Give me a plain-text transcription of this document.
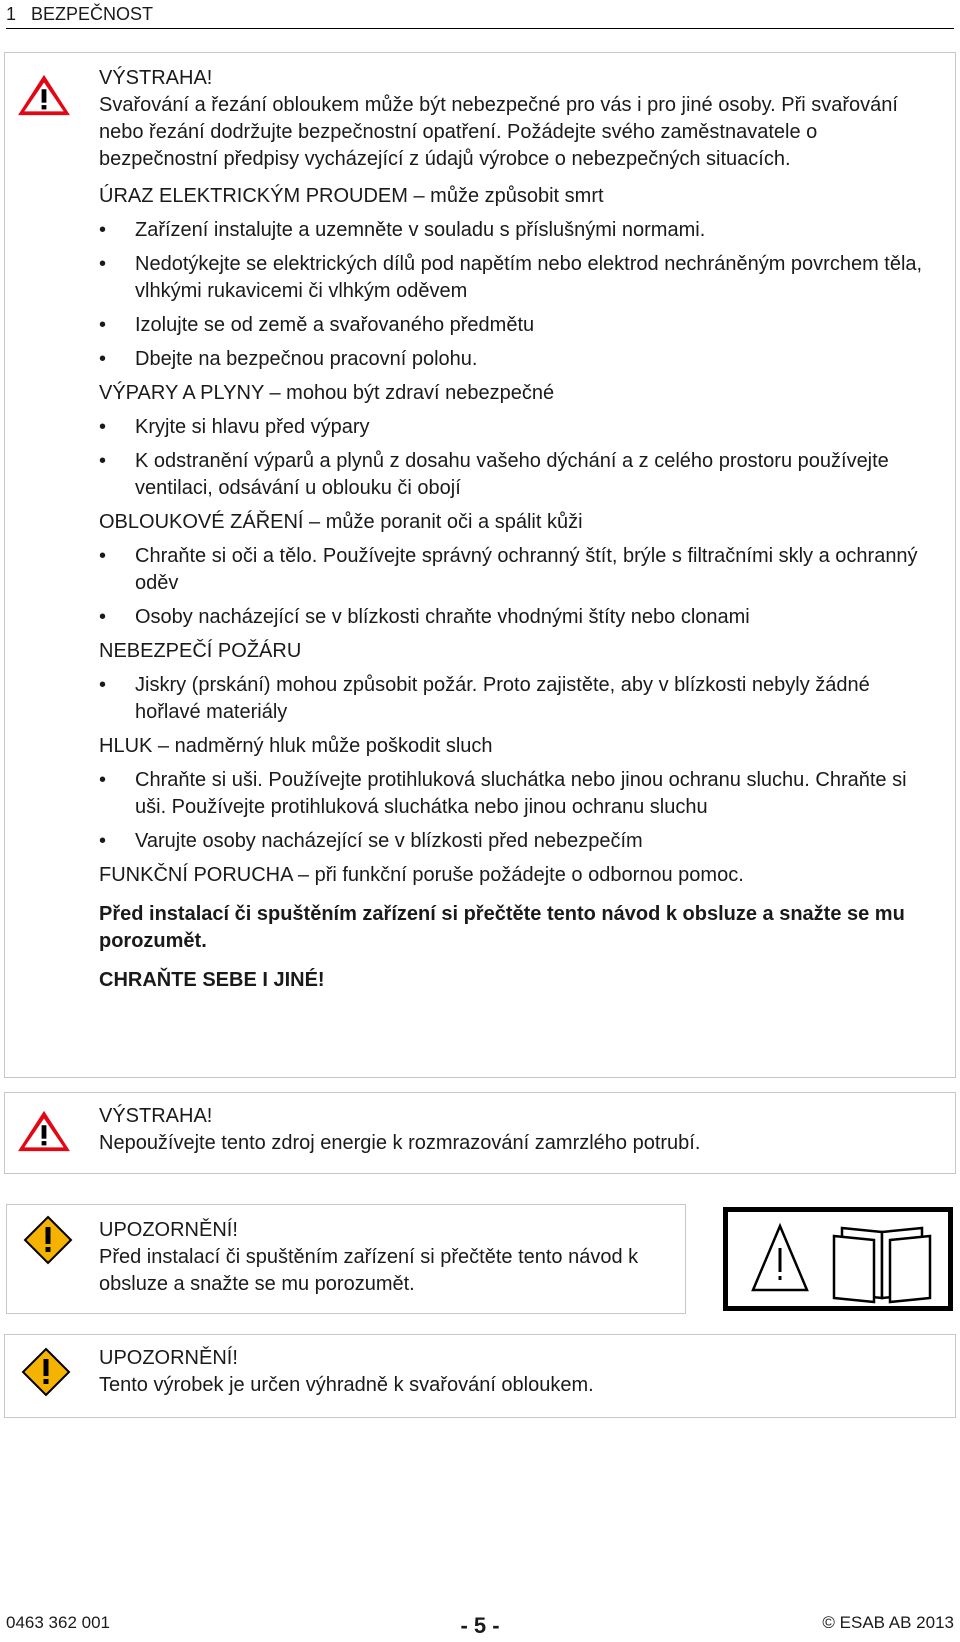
1   BEZPEČNOST

VÝSTRAHA!

Svařování a řezání obloukem může být nebezpečné pro vás i pro jiné osoby. Při svařování nebo řezání dodržujte bezpečnostní opatření. Požádejte svého zaměstnavatele o bezpečnostní předpisy vycházející z údajů výrobce o nebezpečných situacích.

ÚRAZ ELEKTRICKÝM PROUDEM – může způsobit smrt

• Zařízení instalujte a uzemněte v souladu s příslušnými normami.
• Nedotýkejte se elektrických dílů pod napětím nebo elektrod nechráněným povrchem těla, vlhkými rukavicemi či vlhkým oděvem
• Izolujte se od země a svařovaného předmětu
• Dbejte na bezpečnou pracovní polohu.

VÝPARY A PLYNY – mohou být zdraví nebezpečné

• Kryjte si hlavu před výpary
• K odstranění výparů a plynů z dosahu vašeho dýchání a z celého prostoru používejte ventilaci, odsávání u oblouku či obojí

OBLOUKOVÉ ZÁŘENÍ – může poranit oči a spálit kůži

• Chraňte si oči a tělo. Používejte správný ochranný štít, brýle s filtračními skly a ochranný oděv
• Osoby nacházející se v blízkosti chraňte vhodnými štíty nebo clonami

NEBEZPEČÍ POŽÁRU

• Jiskry (prskání) mohou způsobit požár. Proto zajistěte, aby v blízkosti nebyly žádné hořlavé materiály

HLUK – nadměrný hluk může poškodit sluch

• Chraňte si uši. Používejte protihluková sluchátka nebo jinou ochranu sluchu. Chraňte si uši. Používejte protihluková sluchátka nebo jinou ochranu sluchu
• Varujte osoby nacházející se v blízkosti před nebezpečím

FUNKČNÍ PORUCHA – při funkční poruše požádejte o odbornou pomoc.

Před instalací či spuštěním zařízení si přečtěte tento návod k obsluze a snažte se mu porozumět.

CHRAŇTE SEBE I JINÉ!

VÝSTRAHA!

Nepoužívejte tento zdroj energie k rozmrazování zamrzlého potrubí.

UPOZORNĚNÍ!

Před instalací či spuštěním zařízení si přečtěte tento návod k obsluze a snažte se mu porozumět.

UPOZORNĚNÍ!

Tento výrobek je určen výhradně k svařování obloukem.

0463 362 001	- 5 -	© ESAB AB 2013
